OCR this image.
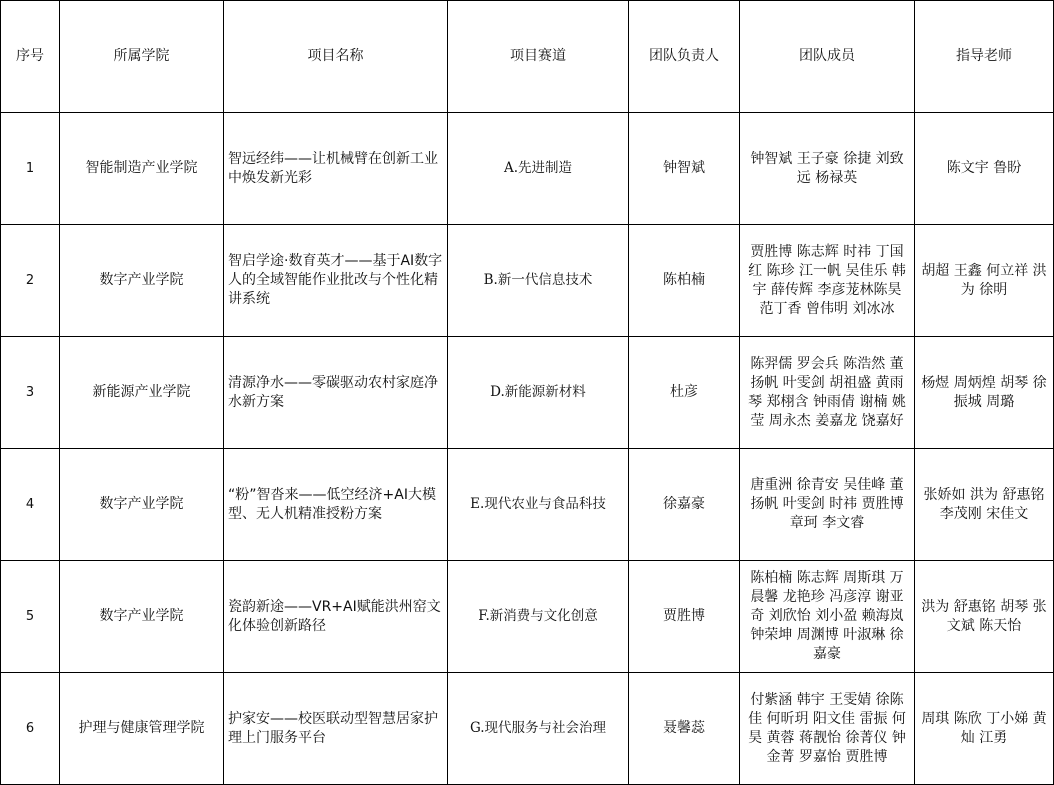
序号	所属学院	项目名称	项目赛道	团队负责人	团队成员	指导老师
1	智能制造产业学院	智远经纬——让机械臂在创新工业中焕发新光彩	A.先进制造	钟智斌	钟智斌 王子豪 徐捷 刘致远 杨禄英	陈文宇 鲁盼
2	数字产业学院	智启学途·数育英才——基于AI数字人的全域智能作业批改与个性化精讲系统	B.新一代信息技术	陈柏楠	贾胜博 陈志辉 时祎 丁国红 陈珍 江一帆 吴佳乐 韩宇 薛传辉 李彦茏林陈昊 范丁香 曾伟明 刘冰冰	胡超 王鑫 何立祥 洪为 徐明
3	新能源产业学院	清源净水——零碳驱动农村家庭净水新方案	D.新能源新材料	杜彦	陈羿儒 罗会兵 陈浩然 董扬帆 叶雯剑 胡祖盛 黄雨琴 郑栩含 钟雨倩 谢楠 姚莹 周永杰 姜嘉龙 饶嘉好	杨煜 周炳煌 胡琴 徐振城 周璐
4	数字产业学院	“粉”智沓来——低空经济+AI大模型、无人机精准授粉方案	E.现代农业与食品科技	徐嘉豪	唐重洲 徐青安 吴佳峰 董扬帆 叶雯剑 时祎 贾胜博 章珂 李文睿	张娇如 洪为 舒惠铭 李茂刚 宋佳文
5	数字产业学院	瓷韵新途——VR+AI赋能洪州窑文化体验创新路径	F.新消费与文化创意	贾胜博	陈柏楠 陈志辉 周斯琪 万晨馨 龙艳珍 冯彦淳 谢亚奇 刘欣怡 刘小盈 赖海岚 钟荣坤 周渊博 叶淑琳 徐嘉豪	洪为 舒惠铭 胡琴 张文斌 陈天怡
6	护理与健康管理学院	护家安——校医联动型智慧居家护理上门服务平台	G.现代服务与社会治理	聂馨蕊	付紫涵 韩宇 王雯婧 徐陈佳 何昕玥 阳文佳 雷振 何昊 黄蓉 蒋靓怡 徐菁仪 钟金菁 罗嘉怡 贾胜博	周琪 陈欣 丁小娣 黄灿 江勇
